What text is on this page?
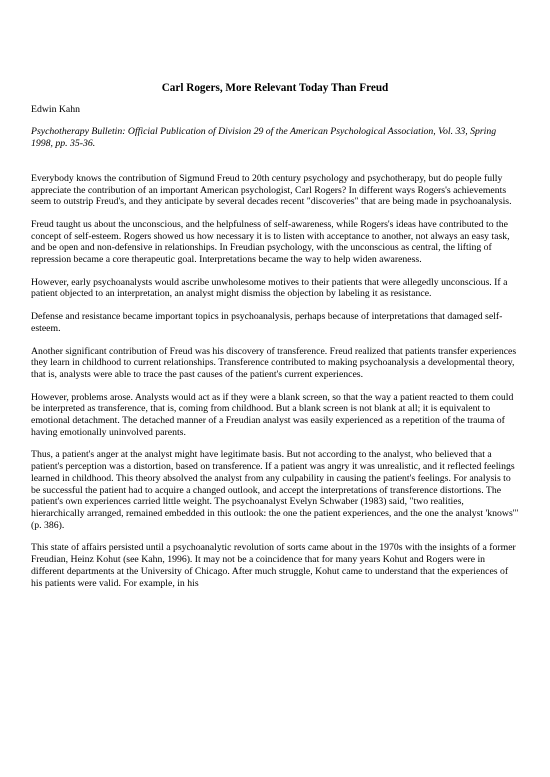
Carl Rogers, More Relevant Today Than Freud
Edwin Kahn
Psychotherapy Bulletin: Official Publication of Division 29 of the American Psychological Association, Vol. 33, Spring 1998, pp. 35-36.
Everybody knows the contribution of Sigmund Freud to 20th century psychology and psychotherapy, but do people fully appreciate the contribution of an important American psychologist, Carl Rogers? In different ways Rogers's achievements seem to outstrip Freud's, and they anticipate by several decades recent "discoveries" that are being made in psychoanalysis.
Freud taught us about the unconscious, and the helpfulness of self-awareness, while Rogers's ideas have contributed to the concept of self-esteem. Rogers showed us how necessary it is to listen with acceptance to another, not always an easy task, and be open and non-defensive in relationships. In Freudian psychology, with the unconscious as central, the lifting of repression became a core therapeutic goal. Interpretations became the way to help widen awareness.
However, early psychoanalysts would ascribe unwholesome motives to their patients that were allegedly unconscious. If a patient objected to an interpretation, an analyst might dismiss the objection by labeling it as resistance.
Defense and resistance became important topics in psychoanalysis, perhaps because of interpretations that damaged self-esteem.
Another significant contribution of Freud was his discovery of transference. Freud realized that patients transfer experiences they learn in childhood to current relationships. Transference contributed to making psychoanalysis a developmental theory, that is, analysts were able to trace the past causes of the patient's current experiences.
However, problems arose. Analysts would act as if they were a blank screen, so that the way a patient reacted to them could be interpreted as transference, that is, coming from childhood. But a blank screen is not blank at all; it is equivalent to emotional detachment. The detached manner of a Freudian analyst was easily experienced as a repetition of the trauma of having emotionally uninvolved parents.
Thus, a patient's anger at the analyst might have legitimate basis. But not according to the analyst, who believed that a patient's perception was a distortion, based on transference. If a patient was angry it was unrealistic, and it reflected feelings learned in childhood. This theory absolved the analyst from any culpability in causing the patient's feelings. For analysis to be successful the patient had to acquire a changed outlook, and accept the interpretations of transference distortions. The patient's own experiences carried little weight. The psychoanalyst Evelyn Schwaber (1983) said, "two realities, hierarchically arranged, remained embedded in this outlook: the one the patient experiences, and the one the analyst 'knows'" (p. 386).
This state of affairs persisted until a psychoanalytic revolution of sorts came about in the 1970s with the insights of a former Freudian, Heinz Kohut (see Kahn, 1996). It may not be a coincidence that for many years Kohut and Rogers were in different departments at the University of Chicago. After much struggle, Kohut came to understand that the experiences of his patients were valid. For example, in his
